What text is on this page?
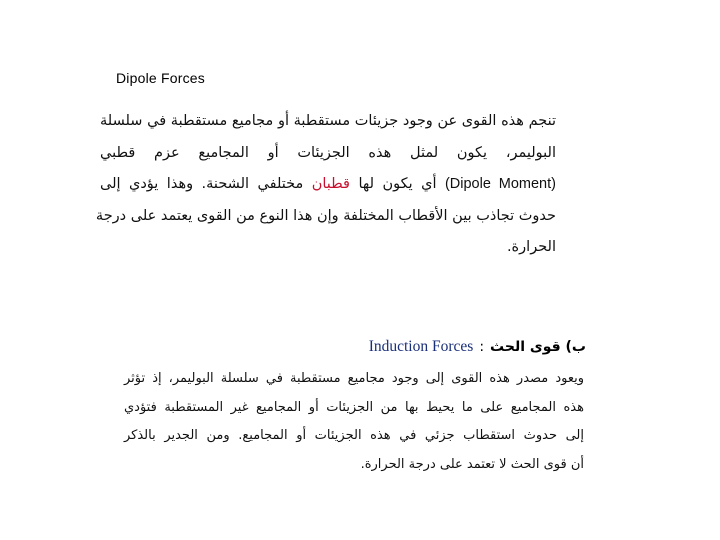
Dipole Forces
تنجم هذه القوى عن وجود جزيئات مستقطبة أو مجاميع مستقطبة في سلسلة
البوليمر، يكون لمثل هذه الجزيئات أو المجاميع عزم قطبي
(Dipole Moment) أي يكون لها قطبان مختلفي الشحنة. وهذا يؤدي إلى
حدوث تجاذب بين الأقطاب المختلفة وإن هذا النوع من القوى يعتمد على درجة
الحرارة.
ب) قوى الحث:Induction Forces
ويعود مصدر هذه القوى إلى وجود مجاميع مستقطبة في سلسلة البوليمر، إذ تؤثر
هذه المجاميع على ما يحيط بها من الجزيئات أو المجاميع غير المستقطبة فتؤدي
إلى حدوث استقطاب جزئي في هذه الجزيئات أو المجاميع. ومن الجدير بالذكر
أن قوى الحث لا تعتمد على درجة الحرارة.
